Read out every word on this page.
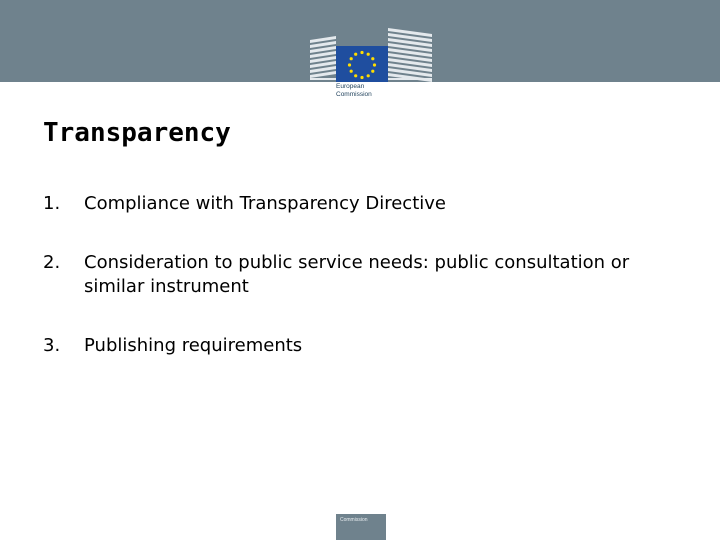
European
Commission
Transparency
1. Compliance with Transparency Directive
2. Consideration to public service needs: public consultation or similar instrument
3. Publishing requirements
Commission
